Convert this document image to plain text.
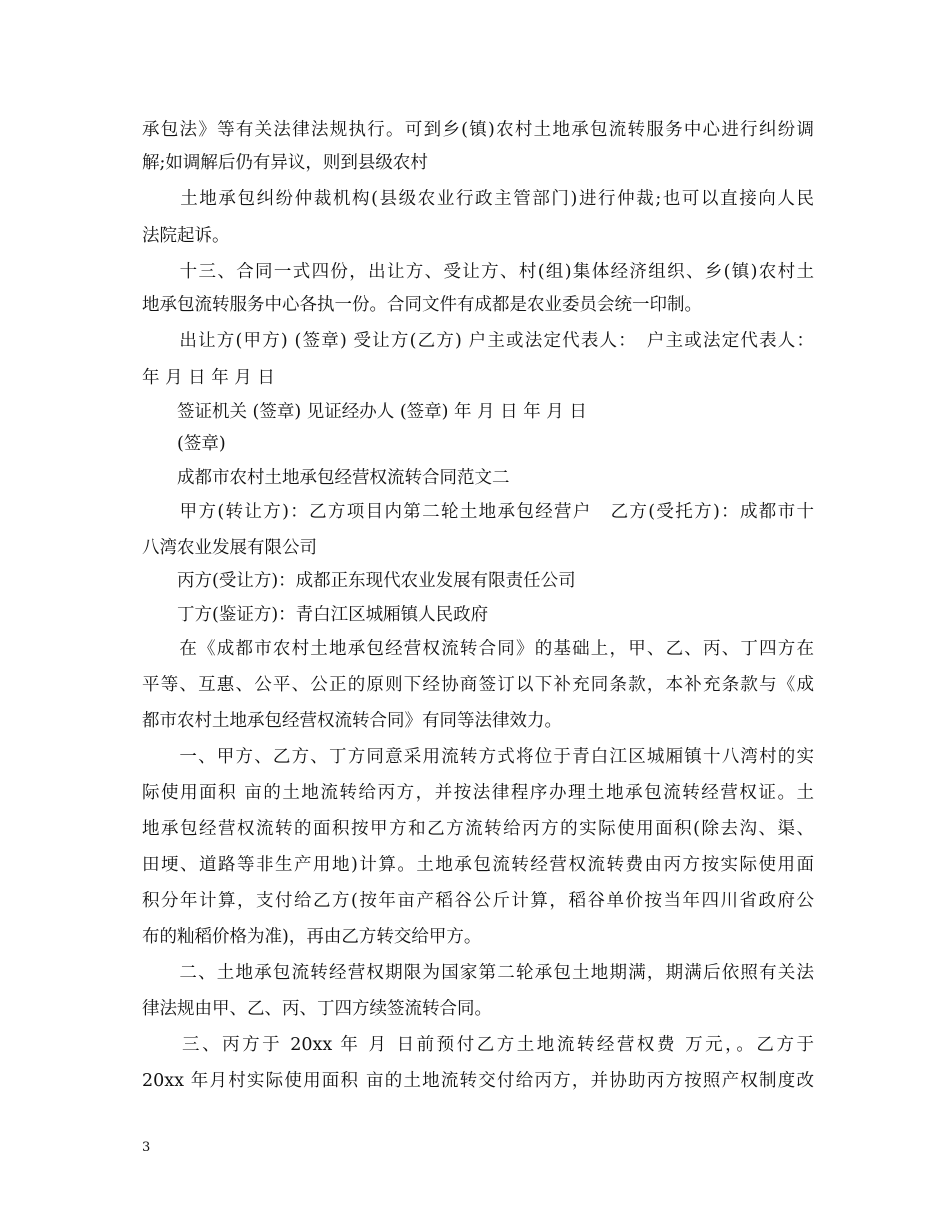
承包法》等有关法律法规执行。可到乡(镇)农村土地承包流转服务中心进行纠纷调
解;如调解后仍有异议，则到县级农村
　　土地承包纠纷仲裁机构(县级农业行政主管部门)进行仲裁;也可以直接向人民
法院起诉。
　　十三、合同一式四份，出让方、受让方、村(组)集体经济组织、乡(镇)农村土
地承包流转服务中心各执一份。合同文件有成都是农业委员会统一印制。
　　出让方(甲方) (签章) 受让方(乙方) 户主或法定代表人：　户主或法定代表人：
年 月 日 年 月 日
　　签证机关 (签章) 见证经办人 (签章) 年 月 日 年 月 日
　　(签章)
　　成都市农村土地承包经营权流转合同范文二
　　甲方(转让方)：乙方项目内第二轮土地承包经营户　乙方(受托方)：成都市十
八湾农业发展有限公司
　　丙方(受让方)：成都正东现代农业发展有限责任公司
　　丁方(鉴证方)：青白江区城厢镇人民政府
　　在《成都市农村土地承包经营权流转合同》的基础上，甲、乙、丙、丁四方在
平等、互惠、公平、公正的原则下经协商签订以下补充同条款，本补充条款与《成
都市农村土地承包经营权流转合同》有同等法律效力。
　　一、甲方、乙方、丁方同意采用流转方式将位于青白江区城厢镇十八湾村的实
际使用面积 亩的土地流转给丙方，并按法律程序办理土地承包流转经营权证。土
地承包经营权流转的面积按甲方和乙方流转给丙方的实际使用面积(除去沟、渠、
田埂、道路等非生产用地)计算。土地承包流转经营权流转费由丙方按实际使用面
积分年计算，支付给乙方(按年亩产稻谷公斤计算，稻谷单价按当年四川省政府公
布的籼稻价格为准)，再由乙方转交给甲方。
　　二、土地承包流转经营权期限为国家第二轮承包土地期满，期满后依照有关法
律法规由甲、乙、丙、丁四方续签流转合同。
　　三、丙方于 20xx 年 月 日前预付乙方土地流转经营权费 万元，。乙方于
20xx 年月村实际使用面积 亩的土地流转交付给丙方，并协助丙方按照产权制度改
3
